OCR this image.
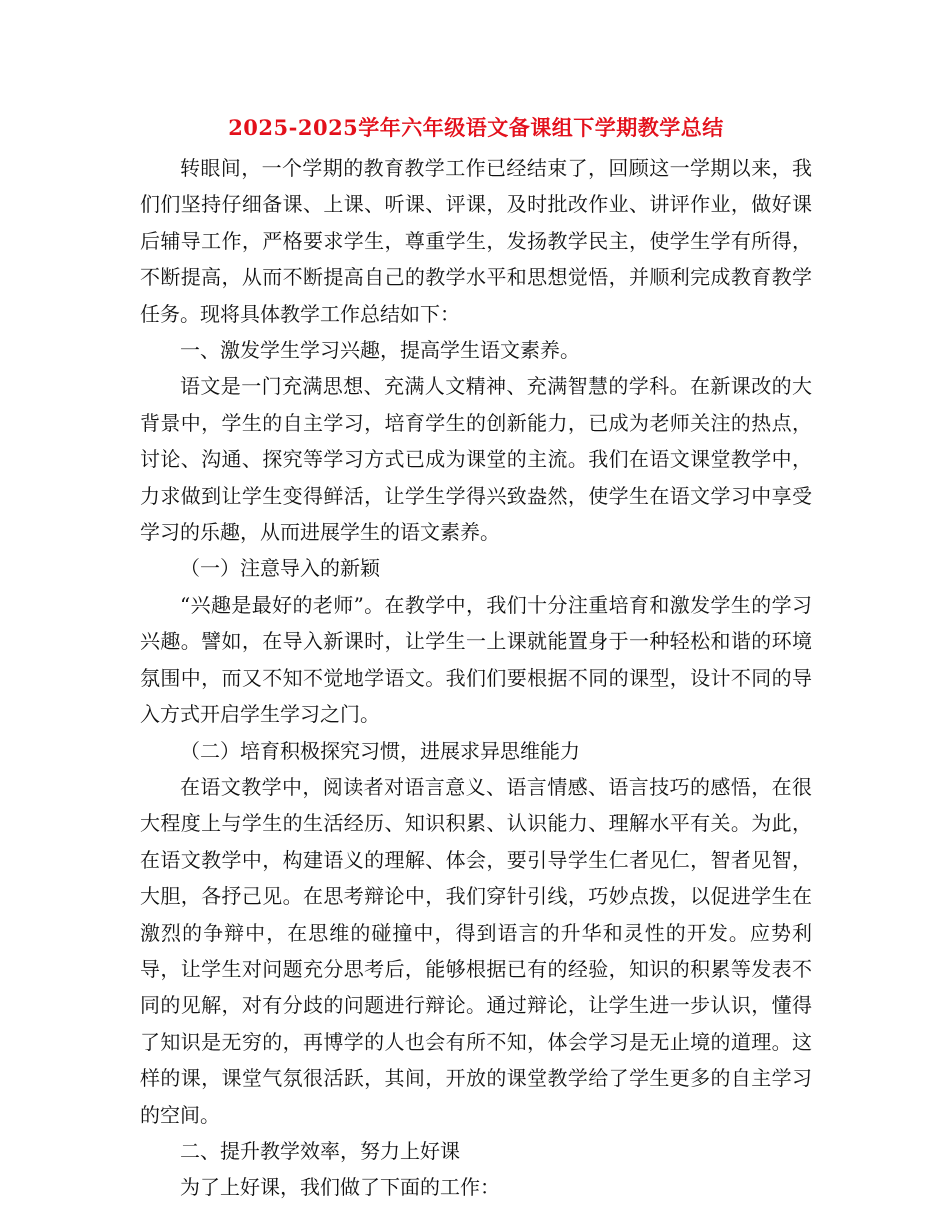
2025-2025学年六年级语文备课组下学期教学总结

转眼间，一个学期的教育教学工作已经结束了，回顾这一学期以来，我们们坚持仔细备课、上课、听课、评课，及时批改作业、讲评作业，做好课后辅导工作，严格要求学生，尊重学生，发扬教学民主，使学生学有所得，不断提高，从而不断提高自己的教学水平和思想觉悟，并顺利完成教育教学任务。现将具体教学工作总结如下：

一、激发学生学习兴趣，提高学生语文素养。

语文是一门充满思想、充满人文精神、充满智慧的学科。在新课改的大背景中，学生的自主学习，培育学生的创新能力，已成为老师关注的热点，讨论、沟通、探究等学习方式已成为课堂的主流。我们在语文课堂教学中，力求做到让学生变得鲜活，让学生学得兴致盎然，使学生在语文学习中享受学习的乐趣，从而进展学生的语文素养。

（一）注意导入的新颖

“兴趣是最好的老师”。在教学中，我们十分注重培育和激发学生的学习兴趣。譬如，在导入新课时，让学生一上课就能置身于一种轻松和谐的环境氛围中，而又不知不觉地学语文。我们们要根据不同的课型，设计不同的导入方式开启学生学习之门。

（二）培育积极探究习惯，进展求异思维能力

在语文教学中，阅读者对语言意义、语言情感、语言技巧的感悟，在很大程度上与学生的生活经历、知识积累、认识能力、理解水平有关。为此，在语文教学中，构建语义的理解、体会，要引导学生仁者见仁，智者见智，大胆，各抒己见。在思考辩论中，我们穿针引线，巧妙点拨，以促进学生在激烈的争辩中，在思维的碰撞中，得到语言的升华和灵性的开发。应势利导，让学生对问题充分思考后，能够根据已有的经验，知识的积累等发表不同的见解，对有分歧的问题进行辩论。通过辩论，让学生进一步认识，懂得了知识是无穷的，再博学的人也会有所不知，体会学习是无止境的道理。这样的课，课堂气氛很活跃，其间，开放的课堂教学给了学生更多的自主学习的空间。

二、提升教学效率，努力上好课

为了上好课，我们做了下面的工作：
